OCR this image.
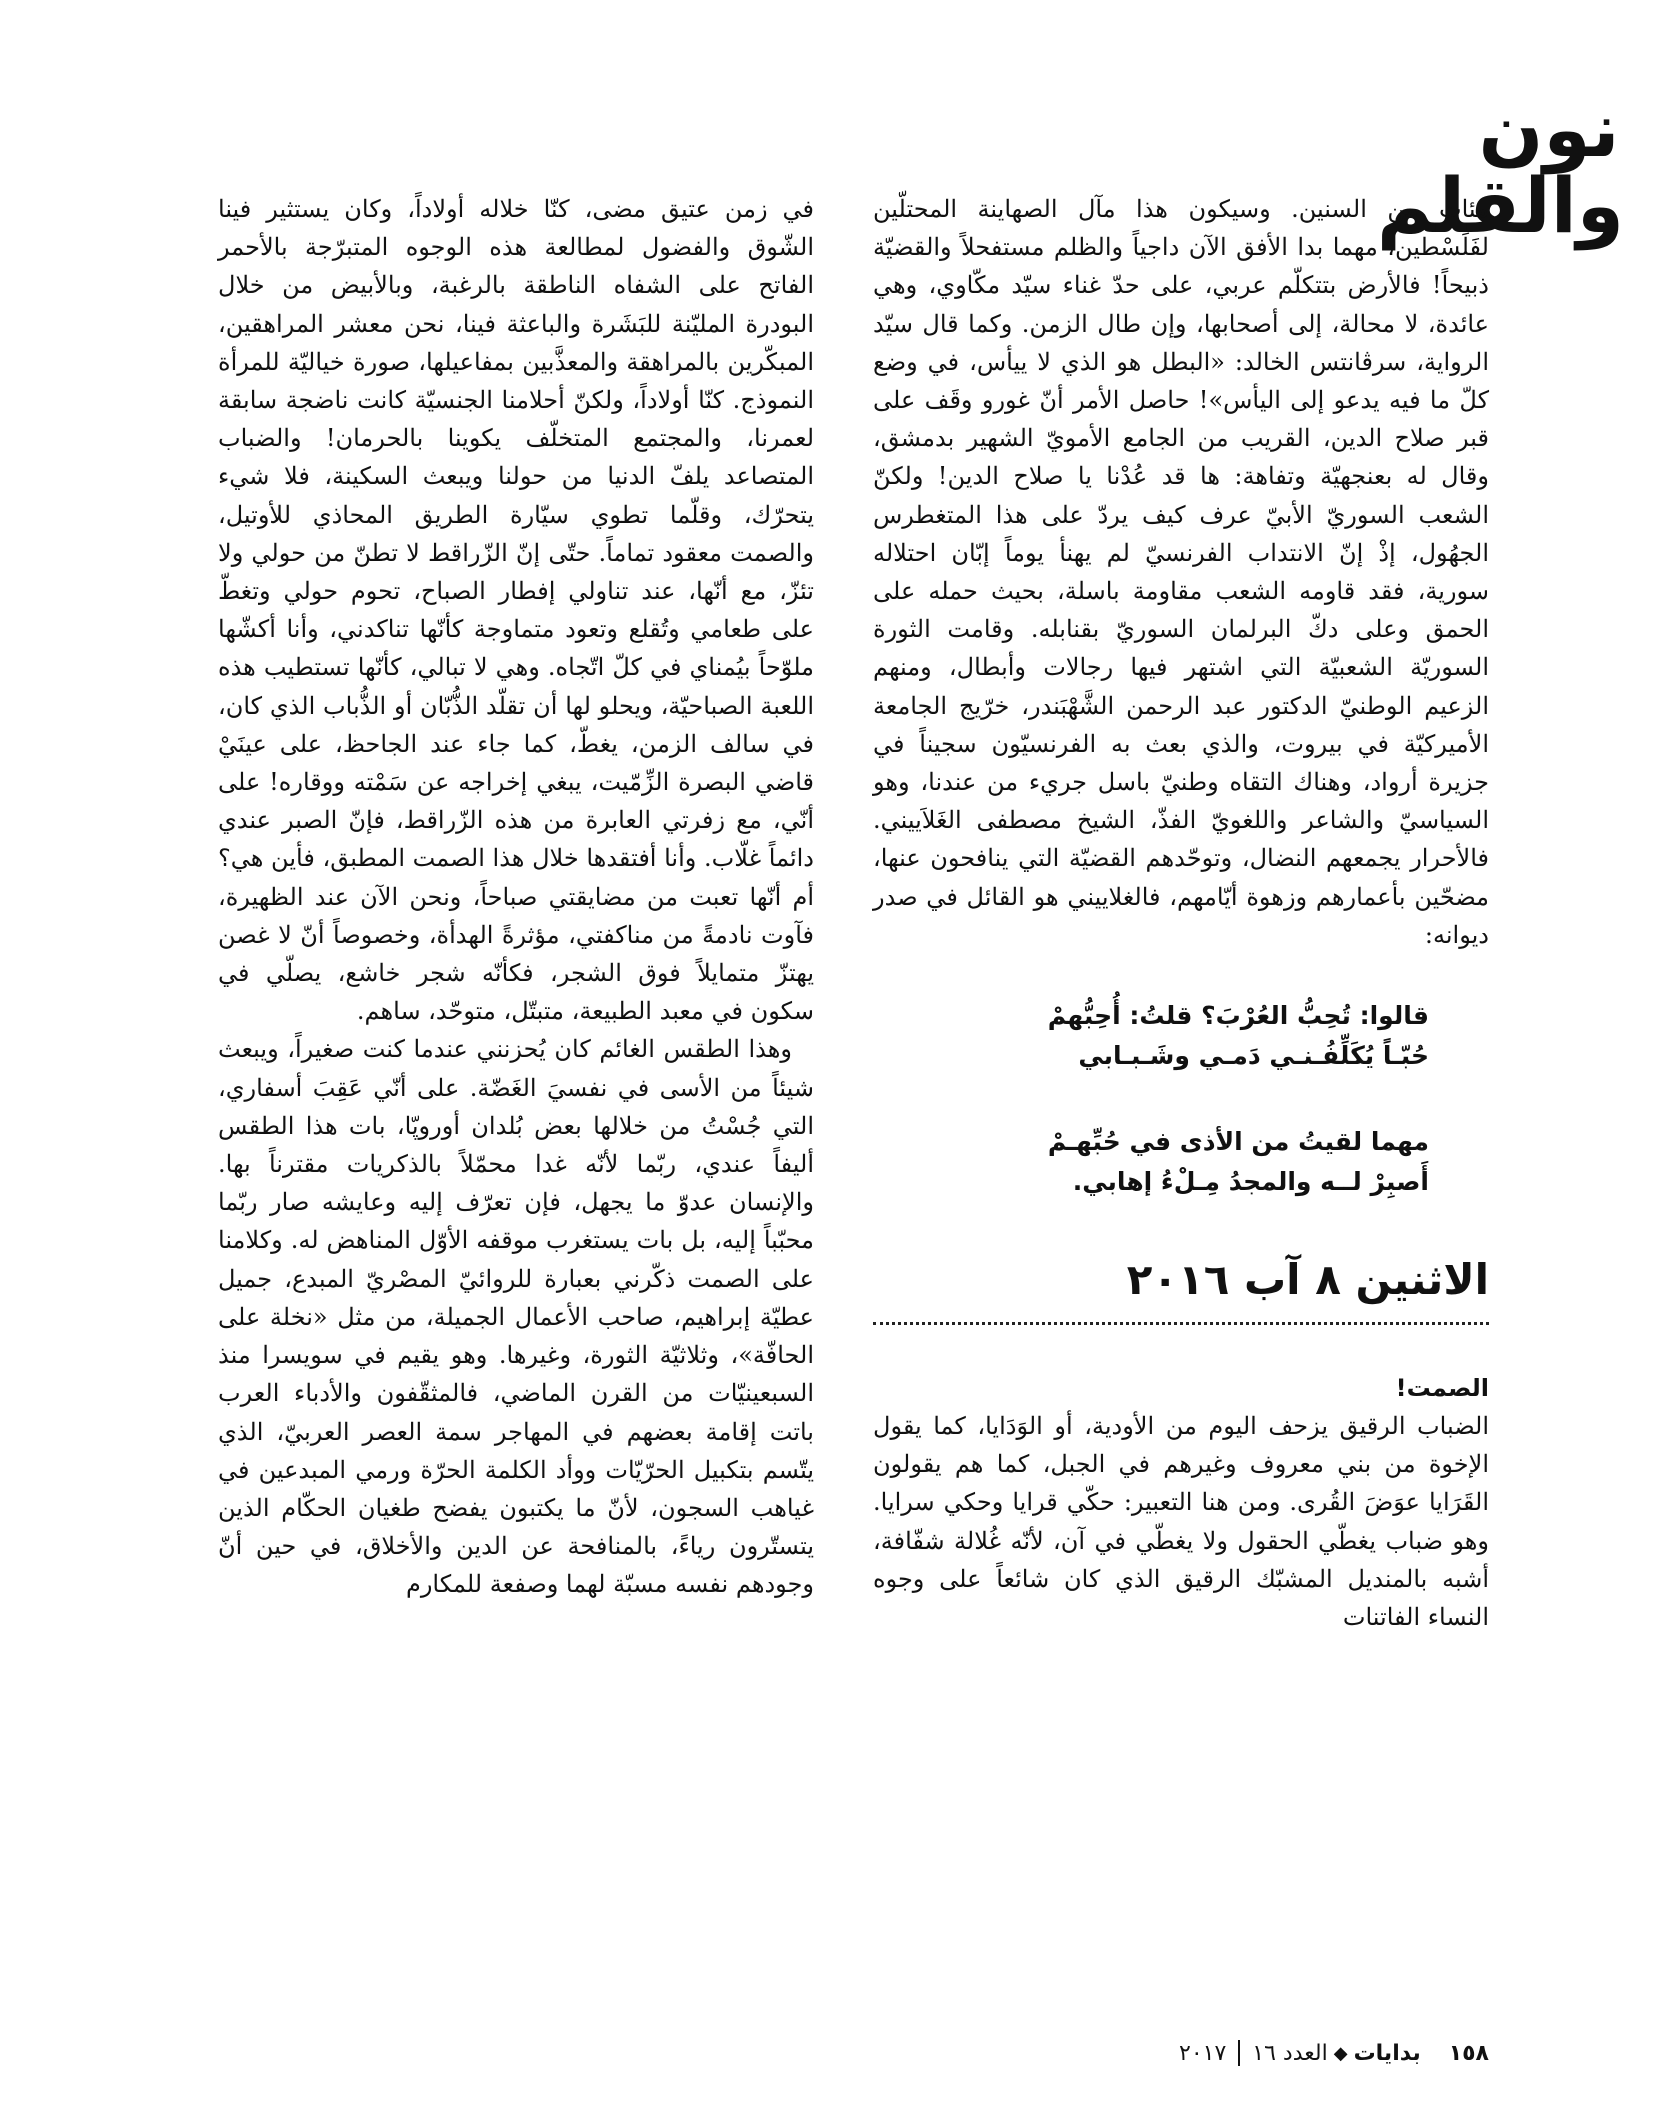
نون والقلم

مئات من السنين. وسيكون هذا مآل الصهاينة المحتلّين لفَلَسْطين، مهما بدا الأفق الآن داجياً والظلم مستفحلاً والقضيّة ذبيحاً! فالأرض بتتكلّم عربي، على حدّ غناء سيّد مكّاوي، وهي عائدة، لا محالة، إلى أصحابها، وإن طال الزمن. وكما قال سيّد الرواية، سرڤانتس الخالد: «البطل هو الذي لا ييأس، في وضع كلّ ما فيه يدعو إلى اليأس»! حاصل الأمر أنّ غورو وقَف على قبر صلاح الدين، القريب من الجامع الأمويّ الشهير بدمشق، وقال له بعنجهيّة وتفاهة: ها قد عُدْنا يا صلاح الدين! ولكنّ الشعب السوريّ الأبيّ عرف كيف يردّ على هذا المتغطرس الجهُول، إذْ إنّ الانتداب الفرنسيّ لم يهنأ يوماً إبّان احتلاله سورية، فقد قاومه الشعب مقاومة باسلة، بحيث حمله على الحمق وعلى دكّ البرلمان السوريّ بقنابله. وقامت الثورة السوريّة الشعبيّة التي اشتهر فيها رجالات وأبطال، ومنهم الزعيم الوطنيّ الدكتور عبد الرحمن الشَّهْبَندر، خرّيج الجامعة الأميركيّة في بيروت، والذي بعث به الفرنسيّون سجيناً في جزيرة أرواد، وهناك التقاه وطنيّ باسل جريء من عندنا، وهو السياسيّ والشاعر واللغويّ الفذّ، الشيخ مصطفى الغَلاَييني. فالأحرار يجمعهم النضال، وتوحّدهم القضيّة التي ينافحون عنها، مضحّين بأعمارهم وزهوة أيّامهم، فالغلاييني هو القائل في صدر ديوانه:

قالوا: تُحِبُّ العُرْبَ؟ قلتُ: أُحِبُّهمْ
حُبّـاً يُكَلِّفُـنـي دَمـي وشَـبـابي
مهما لقيتُ من الأذى في حُبِّهـمْ
أَصبِرْ لــه والمجدُ مِـلْءُ إهابي.
الاثنين ٨ آب ٢٠١٦
الصمت!

الضباب الرقيق يزحف اليوم من الأودية، أو الوَدَايا، كما يقول الإخوة من بني معروف وغيرهم في الجبل، كما هم يقولون القَرَايا عوَضَ القُرى. ومن هنا التعبير: حكّي قرايا وحكي سرايا. وهو ضباب يغطّي الحقول ولا يغطّي في آن، لأنّه غُلالة شفّافة، أشبه بالمنديل المشبّك الرقيق الذي كان شائعاً على وجوه النساء الفاتنات

في زمن عتيق مضى، كنّا خلاله أولاداً، وكان يستثير فينا الشّوق والفضول لمطالعة هذه الوجوه المتبرّجة بالأحمر الفاتح على الشفاه الناطقة بالرغبة، وبالأبيض من خلال البودرة المليّنة للبَشَرة والباعثة فينا، نحن معشر المراهقين، المبكّرين بالمراهقة والمعذَّبين بمفاعيلها، صورة خياليّة للمرأة النموذج. كنّا أولاداً، ولكنّ أحلامنا الجنسيّة كانت ناضجة سابقة لعمرنا، والمجتمع المتخلّف يكوينا بالحرمان! والضباب المتصاعد يلفّ الدنيا من حولنا ويبعث السكينة، فلا شيء يتحرّك، وقلّما تطوي سيّارة الطريق المحاذي للأوتيل، والصمت معقود تماماً. حتّى إنّ الزّراقط لا تطنّ من حولي ولا تئزّ، مع أنّها، عند تناولي إفطار الصباح، تحوم حولي وتغطّ على طعامي وتُقلع وتعود متماوجة كأنّها تناكدني، وأنا أكشّها ملوّحاً بيُمناي في كلّ اتّجاه. وهي لا تبالي، كأنّها تستطيب هذه اللعبة الصباحيّة، ويحلو لها أن تقلّد الذُّبّان أو الذُّباب الذي كان، في سالف الزمن، يغطّ، كما جاء عند الجاحظ، على عينَيْ قاضي البصرة الزِّمّيت، يبغي إخراجه عن سَمْته ووقاره! على أنّي، مع زفرتي العابرة من هذه الزّراقط، فإنّ الصبر عندي دائماً غلّاب. وأنا أفتقدها خلال هذا الصمت المطبق، فأين هي؟ أم أنّها تعبت من مضايقتي صباحاً، ونحن الآن عند الظهيرة، فآوت نادمةً من مناكفتي، مؤثرةً الهدأة، وخصوصاً أنّ لا غصن يهتزّ متمايلاً فوق الشجر، فكأنّه شجر خاشع، يصلّي في سكون في معبد الطبيعة، متبتّل، متوحّد، ساهم.

وهذا الطقس الغائم كان يُحزنني عندما كنت صغيراً، ويبعث شيئاً من الأسى في نفسيَ الغَضّة. على أنّي عَقِبَ أسفاري، التي جُسْتُ من خلالها بعض بُلدان أوروپّا، بات هذا الطقس أليفاً عندي، ربّما لأنّه غدا محمّلاً بالذكريات مقترناً بها. والإنسان عدوّ ما يجهل، فإن تعرّف إليه وعايشه صار ربّما محبّباً إليه، بل بات يستغرب موقفه الأوّل المناهض له. وكلامنا على الصمت ذكّرني بعبارة للروائيّ المصْريّ المبدع، جميل عطيّة إبراهيم، صاحب الأعمال الجميلة، من مثل «نخلة على الحافّة»، وثلاثيّة الثورة، وغيرها. وهو يقيم في سويسرا منذ السبعينيّات من القرن الماضي، فالمثقّفون والأدباء العرب باتت إقامة بعضهم في المهاجر سمة العصر العربيّ، الذي يتّسم بتكبيل الحرّيّات ووأد الكلمة الحرّة ورمي المبدعين في غياهب السجون، لأنّ ما يكتبون يفضح طغيان الحكّام الذين يتستّرون رياءً، بالمنافحة عن الدين والأخلاق، في حين أنّ وجودهم نفسه مسبّة لهما وصفعة للمكارم

١٥٨
بدايات
◆
العدد ١٦
٢٠١٧
